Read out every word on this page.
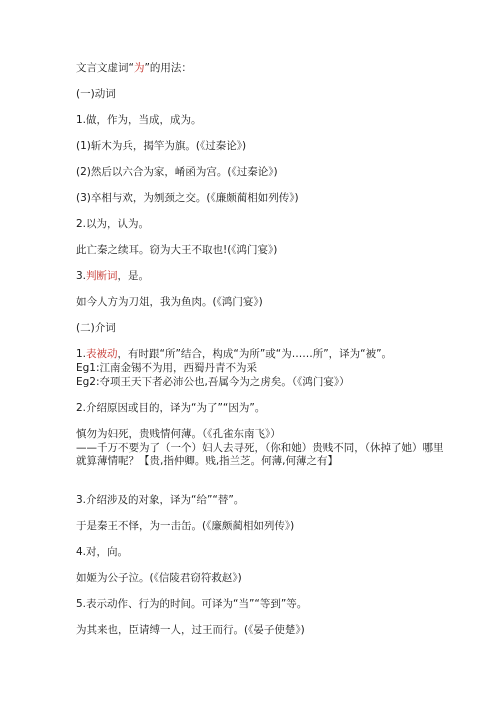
文言文虚词“为”的用法：

(一)动词

1.做，作为，当成，成为。

(1)斩木为兵，揭竿为旗。(《过秦论》)

(2)然后以六合为家，崤函为宫。(《过秦论》)

(3)卒相与欢，为刎颈之交。(《廉颇蔺相如列传》)

2.以为，认为。

此亡秦之续耳。窃为大王不取也!(《鸿门宴》)

3.判断词，是。

如今人方为刀俎，我为鱼肉。(《鸿门宴》)

(二)介词

1.表被动，有时跟“所”结合，构成“为所”或“为……所”，译为“被”。

Eg1:江南金锡不为用，西蜀丹青不为采

Eg2:夺项王天下者必沛公也,吾属今为之虏矣。（《鸿门宴》）

2.介绍原因或目的，译为“为了”“因为”。

慎勿为妇死，贵贱情何薄。（《孔雀东南飞》）

——千万不要为了（一个）妇人去寻死，（你和她）贵贱不同，（休掉了她）哪里就算薄情呢？【贵,指仲卿。贱,指兰芝。何薄,何薄之有】

3.介绍涉及的对象，译为“给”“替”。

于是秦王不怿，为一击缶。(《廉颇蔺相如列传》)

4.对，向。

如姬为公子泣。(《信陵君窃符救赵》)

5.表示动作、行为的时间。可译为“当”“等到”等。

为其来也，臣请缚一人，过王而行。(《晏子使楚》)
